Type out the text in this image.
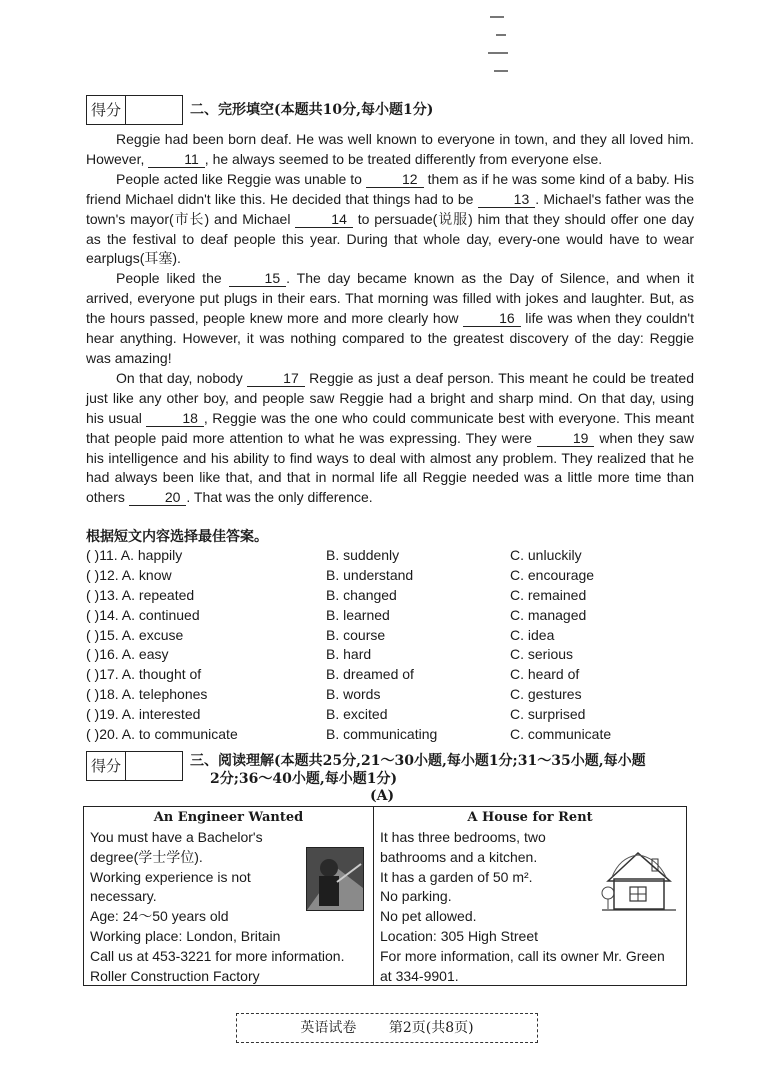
得分	二、完形填空(本题共10分,每小题1分)

Reggie had been born deaf. He was well known to everyone in town, and they all loved him. However,	11 , he always seemed to be treated differently from everyone else.

People acted like Reggie was unable to	12 them as if he was some kind of a baby. His friend Michael didn't like this. He decided that things had to be	13 . Michael's father was the town's mayor(市长) and Michael	14 to persuade(说服) him that they should offer one day as the festival to deaf people this year. During that whole day, every-one would have to wear earplugs(耳塞).

People liked the	15 . The day became known as the Day of Silence, and when it arrived, everyone put plugs in their ears. That morning was filled with jokes and laughter. But, as the hours passed, people knew more and more clearly how	16 life was when they couldn't hear anything. However, it was nothing compared to the greatest discovery of the day: Reggie was amazing!

On that day, nobody	17 Reggie as just a deaf person. This meant he could be treated just like any other boy, and people saw Reggie had a bright and sharp mind. On that day, using his usual	18 , Reggie was the one who could communicate best with everyone. This meant that people paid more attention to what he was expressing. They were	19 when they saw his intelligence and his ability to find ways to deal with almost any problem. They realized that he had always been like that, and that in normal life all Reggie needed was a little more time than others	20 . That was the only difference.

根据短文内容选择最佳答案。
( )11. A. happily	B. suddenly	C. unluckily
( )12. A. know	B. understand	C. encourage
( )13. A. repeated	B. changed	C. remained
( )14. A. continued	B. learned	C. managed
( )15. A. excuse	B. course	C. idea
( )16. A. easy	B. hard	C. serious
( )17. A. thought of	B. dreamed of	C. heard of
( )18. A. telephones	B. words	C. gestures
( )19. A. interested	B. excited	C. surprised
( )20. A. to communicate	B. communicating	C. communicate
得分	三、阅读理解(本题共25分,21～30小题,每小题1分;31～35小题,每小题
2分;36～40小题,每小题1分)
(A)
An Engineer Wanted
You must have a Bachelor's
degree(学士学位).
Working experience is not
necessary.
Age: 24～50 years old
Working place: London, Britain
Call us at 453-3221 for more information.
Roller Construction Factory
A House for Rent
It has three bedrooms, two
bathrooms and a kitchen.
It has a garden of 50 m².
No parking.
No pet allowed.
Location: 305 High Street
For more information, call its owner Mr. Green
at 334-9901.
英语试卷 第2页(共8页)
